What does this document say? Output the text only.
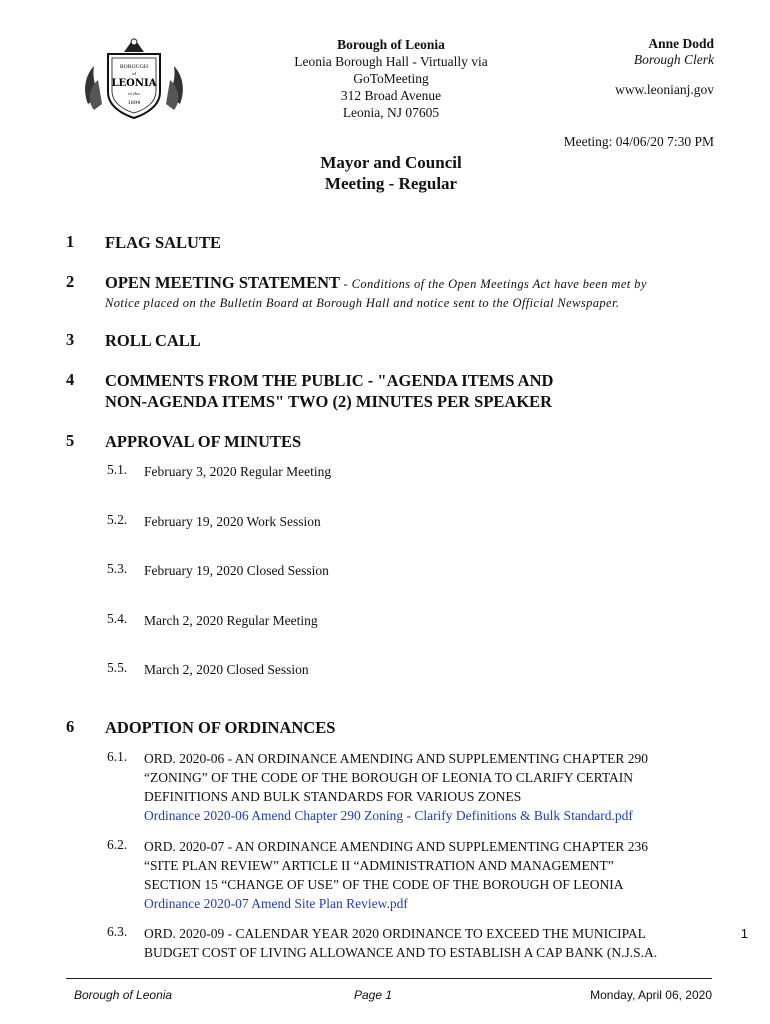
BOROUGH
of
LEONIA
in the
1894
Borough of Leonia
Leonia Borough Hall - Virtually via
GoToMeeting
312 Broad Avenue
Leonia, NJ 07605
Anne Dodd
Borough Clerk
www.leonianj.gov
Meeting: 04/06/20 7:30 PM
Mayor and Council
Meeting - Regular
1 FLAG SALUTE
2 OPEN MEETING STATEMENT - Conditions of the Open Meetings Act have been met by
Notice placed on the Bulletin Board at Borough Hall and notice sent to the Official Newspaper.
3 ROLL CALL
4 COMMENTS FROM THE PUBLIC - "AGENDA ITEMS AND
NON-AGENDA ITEMS" TWO (2) MINUTES PER SPEAKER
5 APPROVAL OF MINUTES
5.1. February 3, 2020 Regular Meeting
5.2. February 19, 2020 Work Session
5.3. February 19, 2020 Closed Session
5.4. March 2, 2020 Regular Meeting
5.5. March 2, 2020 Closed Session
6 ADOPTION OF ORDINANCES
6.1. ORD. 2020-06 - AN ORDINANCE AMENDING AND SUPPLEMENTING CHAPTER 290
“ZONING” OF THE CODE OF THE BOROUGH OF LEONIA TO CLARIFY CERTAIN
DEFINITIONS AND BULK STANDARDS FOR VARIOUS ZONES
Ordinance 2020-06 Amend Chapter 290 Zoning - Clarify Definitions & Bulk Standard.pdf
6.2. ORD. 2020-07 - AN ORDINANCE AMENDING AND SUPPLEMENTING CHAPTER 236
“SITE PLAN REVIEW” ARTICLE II “ADMINISTRATION AND MANAGEMENT”
SECTION 15 “CHANGE OF USE” OF THE CODE OF THE BOROUGH OF LEONIA
Ordinance 2020-07 Amend Site Plan Review.pdf
6.3. ORD. 2020-09 - CALENDAR YEAR 2020 ORDINANCE TO EXCEED THE MUNICIPAL
BUDGET COST OF LIVING ALLOWANCE AND TO ESTABLISH A CAP BANK (N.J.S.A.
1
Borough of Leonia	Page 1	Monday, April 06, 2020
